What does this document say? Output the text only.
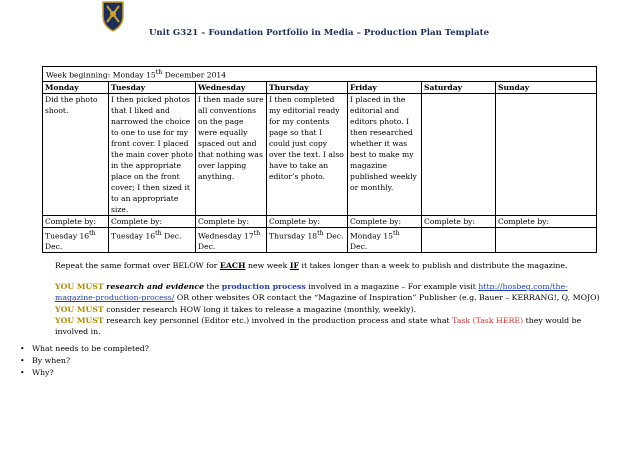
Unit G321 – Foundation Portfolio in Media – Production Plan Template
Week beginning: Monday 15th December 2014						
Monday	Tuesday	Wednesday	Thursday	Friday	Saturday	Sunday
Did the photo shoot.	I then picked photos that I liked and narrowed the choice to one to use for my front cover. I placed the main cover photo in the appropriate place on the front cover; I then sized it to an appropriate size.	I then made sure all conventions on the page were equally spaced out and that nothing was over lapping anything.	I then completed my editorial ready for my contents page so that I could just copy over the text. I also have to take an editor’s photo.	I placed in the editorial and editors photo. I then researched whether it was best to make my magazine published weekly or monthly.		
Complete by:	Complete by:	Complete by:	Complete by:	Complete by:	Complete by:	Complete by:
Tuesday 16th Dec.	Tuesday 16th Dec.	Wednesday 17th Dec.	Thursday 18th Dec.	Monday 15th Dec.		

Repeat the same format over BELOW for EACH new week IF it takes longer than a week to publish and distribute the magazine.

YOU MUST research and evidence the production process involved in a magazine – For example visit http://hosbeg.com/the-magazine-production-process/ OR other websites OR contact the “Magazine of Inspiration” Publisher (e.g. Bauer – KERRANG!, Q, MOJO)

YOU MUST consider research HOW long it takes to release a magazine (monthly, weekly).

YOU MUST research key personnel (Editor etc.) involved in the production process and state what Task (Task HERE) they would be involved in.

• What needs to be completed?
• By when?
• Why?
